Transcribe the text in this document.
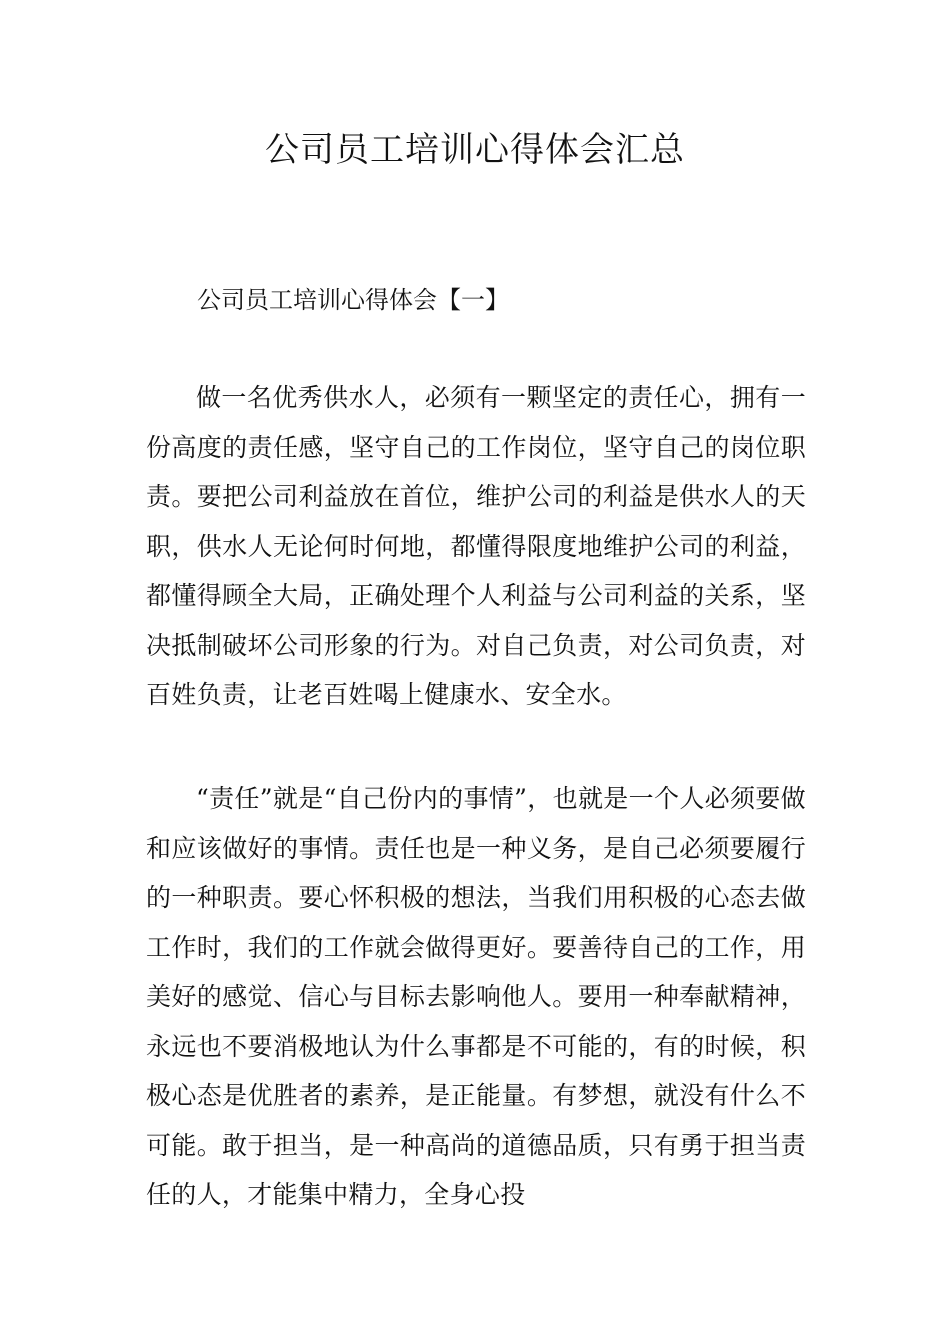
公司员工培训心得体会汇总

公司员工培训心得体会【一】

做一名优秀供水人，必须有一颗坚定的责任心，拥有一份高度的责任感，坚守自己的工作岗位，坚守自己的岗位职责。要把公司利益放在首位，维护公司的利益是供水人的天职，供水人无论何时何地，都懂得限度地维护公司的利益，都懂得顾全大局，正确处理个人利益与公司利益的关系，坚决抵制破坏公司形象的行为。对自己负责，对公司负责，对百姓负责，让老百姓喝上健康水、安全水。

“责任”就是“自己份内的事情”，也就是一个人必须要做和应该做好的事情。责任也是一种义务，是自己必须要履行的一种职责。要心怀积极的想法，当我们用积极的心态去做工作时，我们的工作就会做得更好。要善待自己的工作，用美好的感觉、信心与目标去影响他人。要用一种奉献精神，永远也不要消极地认为什么事都是不可能的，有的时候，积极心态是优胜者的素养，是正能量。有梦想，就没有什么不可能。敢于担当，是一种高尚的道德品质，只有勇于担当责任的人，才能集中精力，全身心投
